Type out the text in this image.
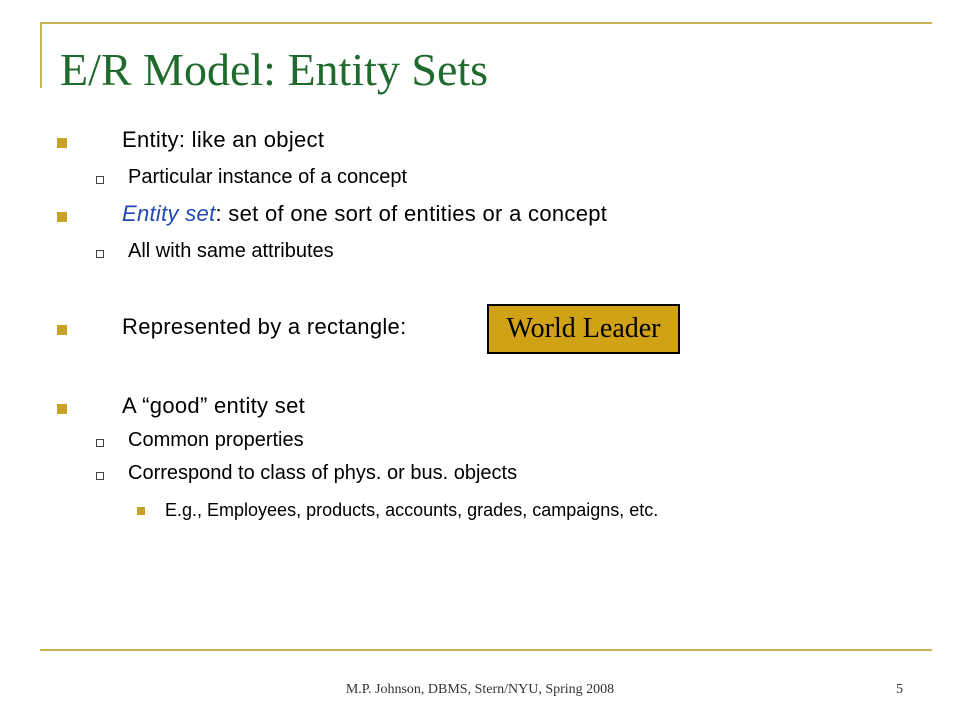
E/R Model: Entity Sets
Entity: like an object
Particular instance of a concept
Entity set: set of one sort of entities or a concept
All with same attributes
Represented by a rectangle:	World Leader
A “good” entity set
Common properties
Correspond to class of phys. or bus. objects
E.g., Employees, products, accounts, grades, campaigns, etc.
M.P. Johnson, DBMS, Stern/NYU, Spring 2008	5
